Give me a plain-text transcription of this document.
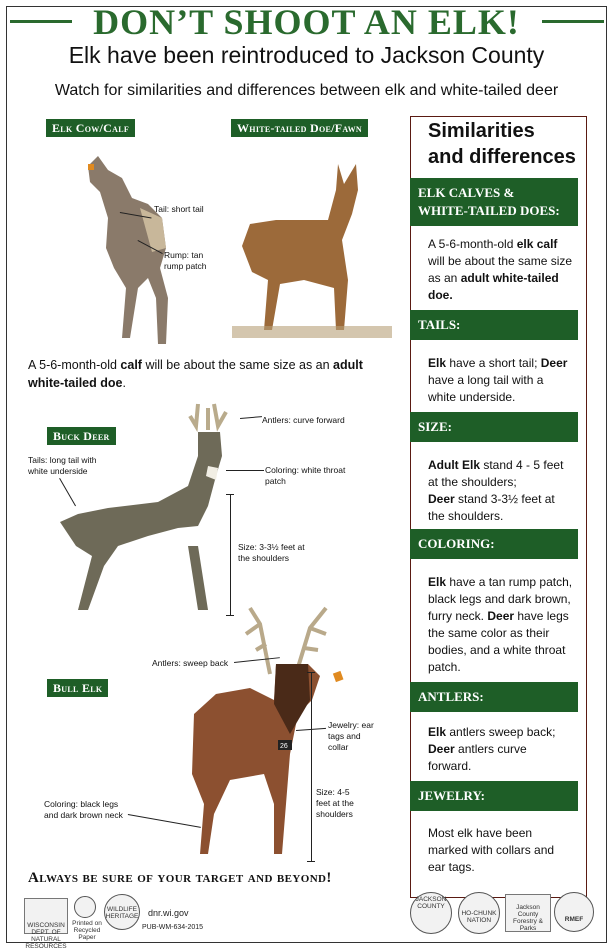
DON’T SHOOT AN ELK!
Elk have been reintroduced to Jackson County
Watch for similarities and differences between elk and white-tailed deer
Elk Cow/Calf	White-tailed Doe/Fawn
Buck Deer
Bull Elk
26
Tail: short tail
Rump: tan
rump patch
A 5-6-month-old calf will be about the same size as an adult white-tailed doe.
Antlers: curve forward
Tails: long tail with
white underside	Coloring: white throat
patch
Size: 3-3½ feet at
the shoulders
Antlers: sweep back
Jewelry: ear
tags and
collar
Size: 4-5
feet at the
shoulders
Coloring: black legs
and dark brown neck
Similarities
and differences
ELK CALVES &
WHITE-TAILED DOES:
A 5-6-month-old elk calf
will be about the same size
as an adult white-tailed
doe.
TAILS:
Elk have a short tail; Deer
have a long tail with a
white underside.
SIZE:
Adult Elk stand 4 - 5 feet
at the shoulders;
Deer stand 3-3½ feet at
the shoulders.
COLORING:
Elk have a tan rump patch,
black legs and dark brown,
furry neck. Deer have legs
the same color as their
bodies, and a white throat
patch.
ANTLERS:
Elk antlers sweep back;
Deer antlers curve
forward.
JEWELRY:
Most elk have been
marked with collars and
ear tags.
Always be sure of your target and beyond!
WISCONSIN DEPT. OF NATURAL RESOURCES
Printed on
Recycled
Paper
WILDLIFE HERITAGE dnr.wi.gov
PUB-WM-634-2015
JACKSON COUNTY
HO-CHUNK NATION
Jackson County
Forestry & Parks
RMEF
